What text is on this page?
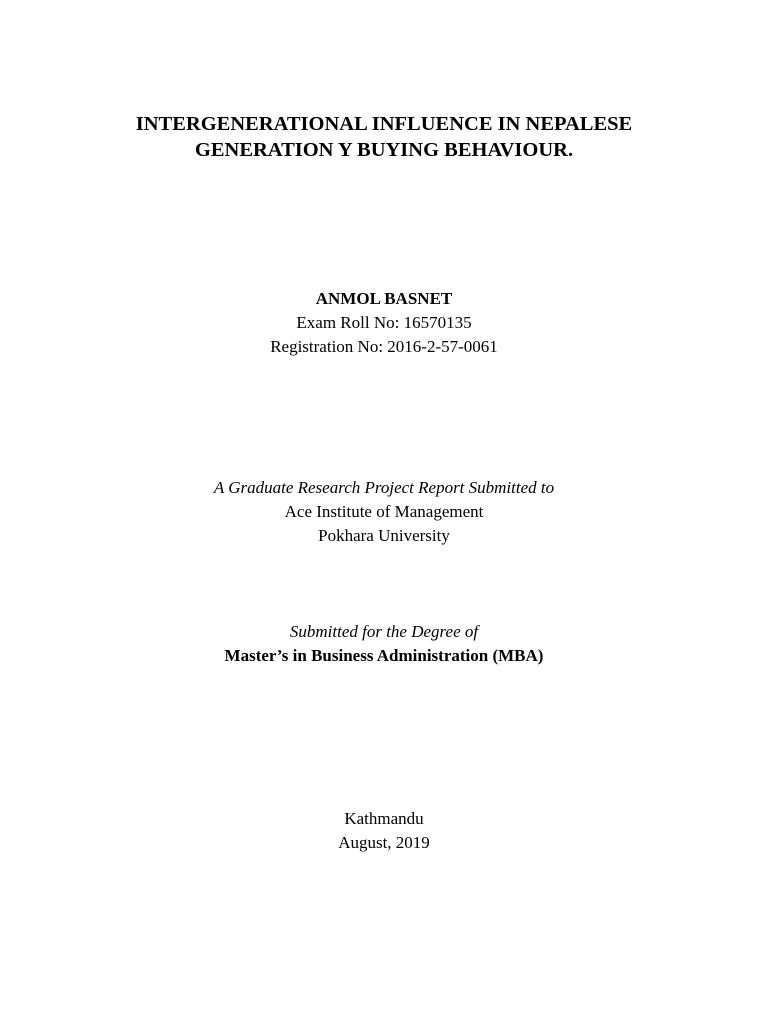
INTERGENERATIONAL INFLUENCE IN NEPALESE
GENERATION Y BUYING BEHAVIOUR.
ANMOL BASNET
Exam Roll No: 16570135
Registration No: 2016-2-57-0061
A Graduate Research Project Report Submitted to
Ace Institute of Management
Pokhara University
Submitted for the Degree of
Master’s in Business Administration (MBA)
Kathmandu
August, 2019
